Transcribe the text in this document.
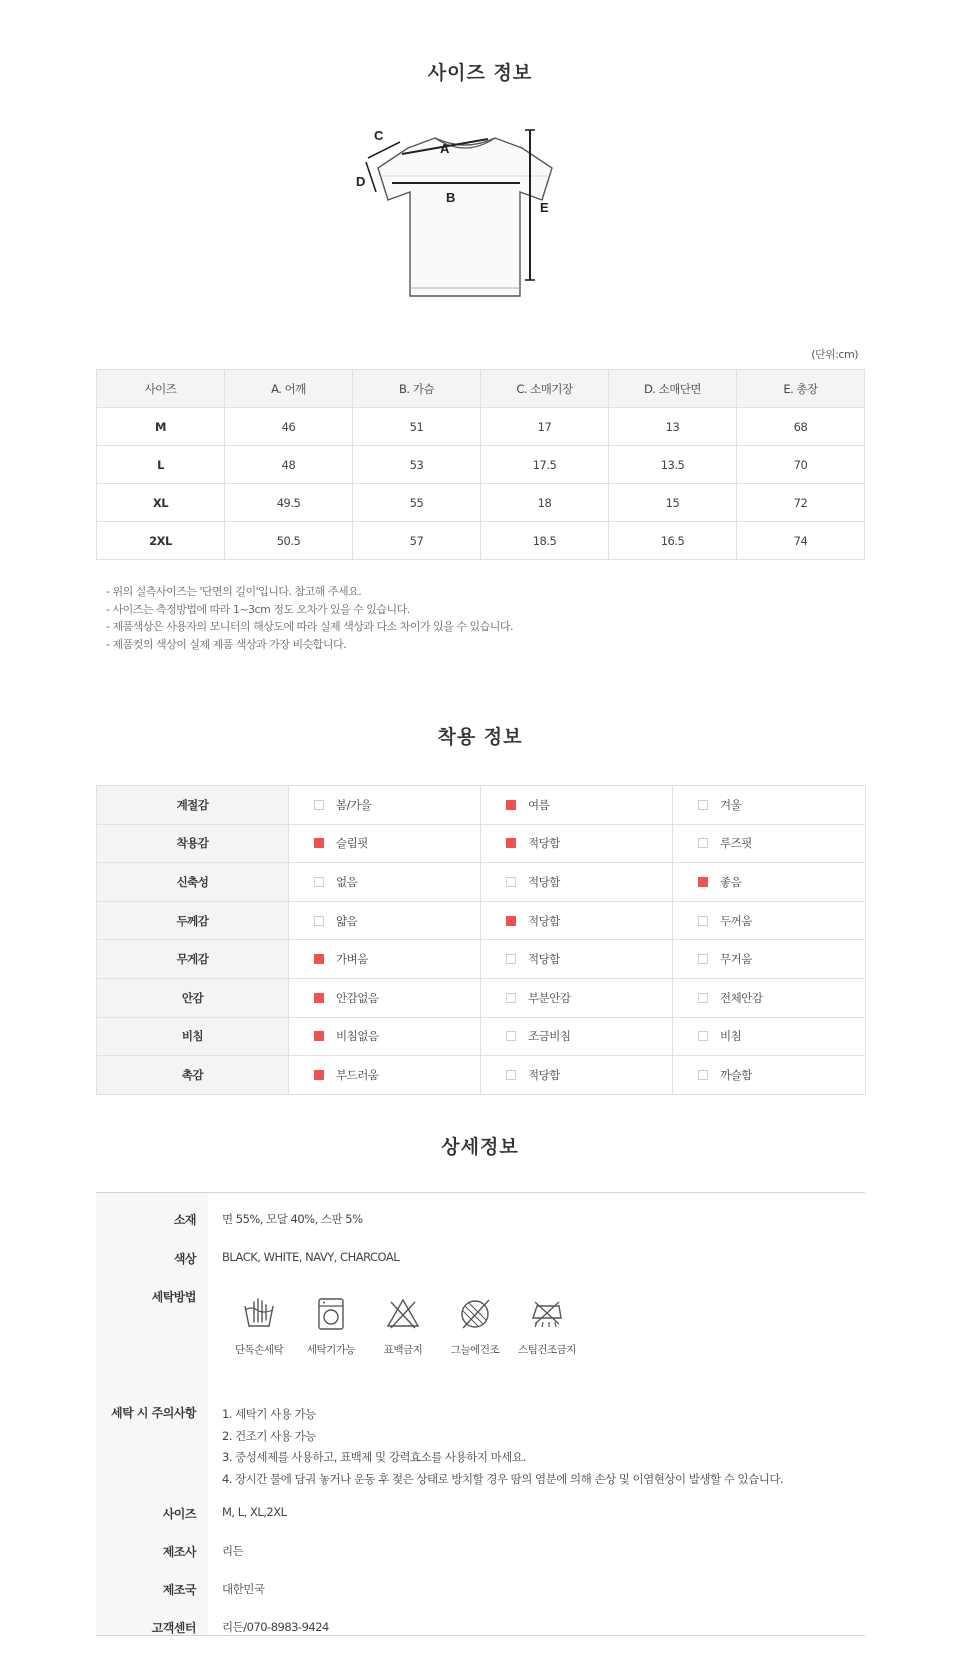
사이즈 정보
A
B
C
D
E
(단위:cm)
사이즈	A. 어깨	B. 가슴	C. 소매기장	D. 소매단면	E. 총장
M	46	51	17	13	68
L	48	53	17.5	13.5	70
XL	49.5	55	18	15	72
2XL	50.5	57	18.5	16.5	74
- 위의 실측사이즈는 '단면의 길이'입니다. 참고해 주세요.
- 사이즈는 측정방법에 따라 1~3cm 정도 오차가 있을 수 있습니다.
- 제품색상은 사용자의 모니터의 해상도에 따라 실제 색상과 다소 차이가 있을 수 있습니다.
- 제품컷의 색상이 실제 제품 색상과 가장 비슷합니다.
착용 정보
계절감	봄/가을	여름	겨울
착용감	슬림핏	적당함	루즈핏
신축성	없음	적당함	좋음
두께감	얇음	적당함	두꺼움
무게감	가벼움	적당함	무거움
안감	안감없음	부분안감	전체안감
비침	비침없음	조금비침	비침
촉감	부드러움	적당함	까슬함
상세정보
소재 면 55%, 모달 40%, 스판 5%
색상 BLACK, WHITE, NAVY, CHARCOAL
세탁방법
단독손세탁	세탁기가능	표백금지	그늘에건조	스팀건조금지
세탁 시 주의사항 1. 세탁기 사용 가능
2. 건조기 사용 가능
3. 중성세제를 사용하고, 표백제 및 강력효소를 사용하지 마세요.
4. 장시간 물에 담궈 놓거나 운동 후 젖은 상태로 방치할 경우 땀의 염분에 의해 손상 및 이염현상이 발생할 수 있습니다.
사이즈 M, L, XL,2XL
제조사 리든
제조국 대한민국
고객센터 리든/070-8983-9424
